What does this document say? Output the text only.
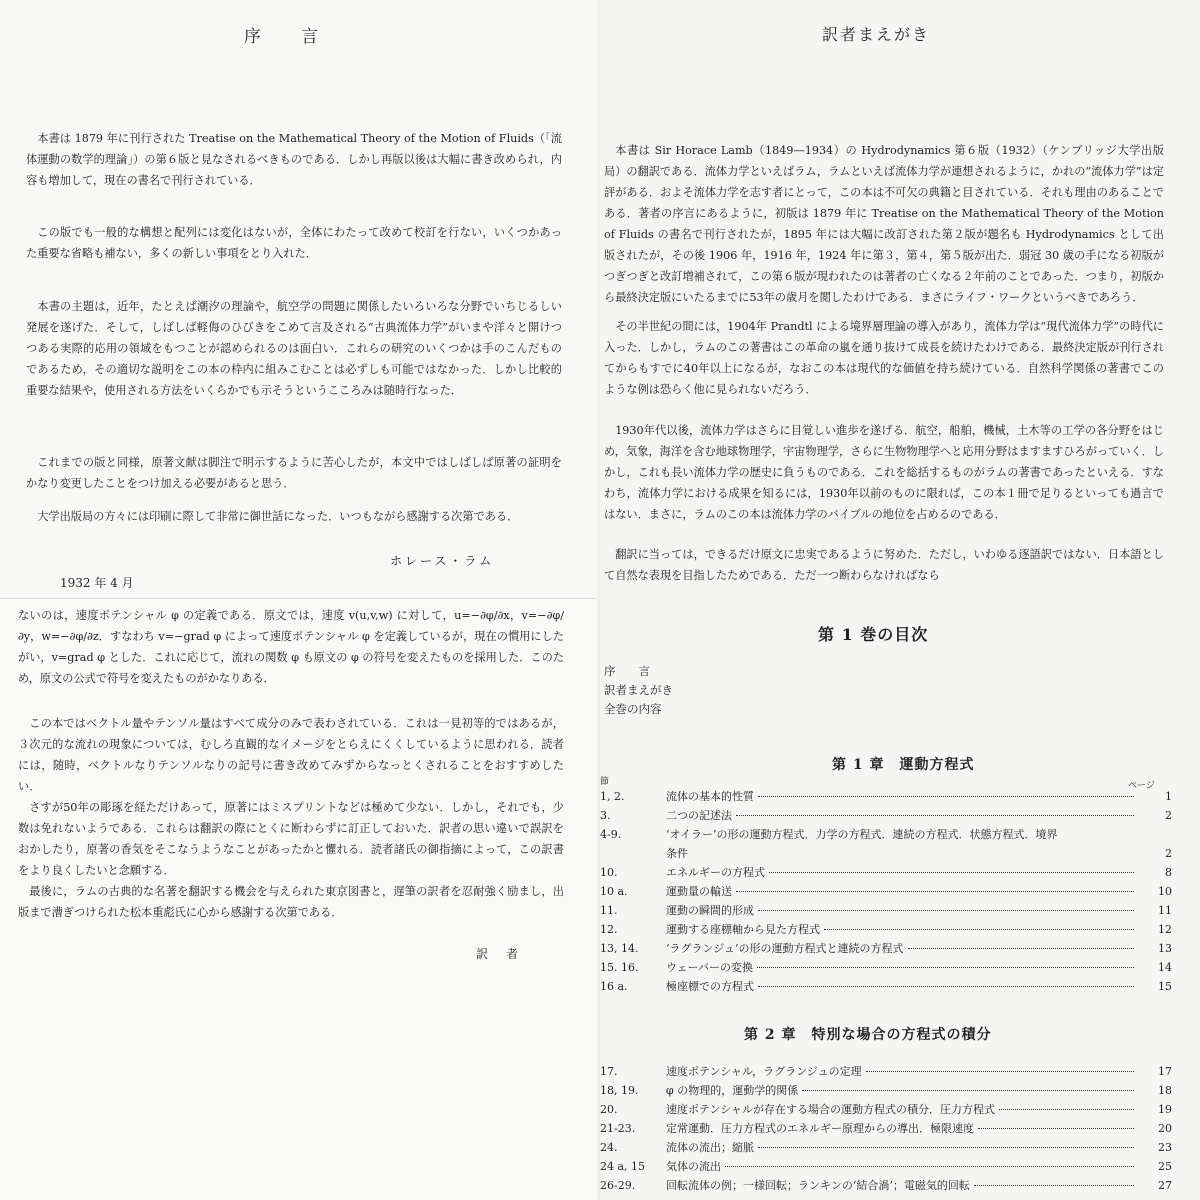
序　　言

本書は 1879 年に刊行された Treatise on the Mathematical Theory of the Motion of Fluids（「流体運動の数学的理論」）の第６版と見なされるべきものである．しかし再版以後は大幅に書き改められ，内容も増加して，現在の書名で刊行されている．

この版でも一般的な構想と配列には変化はないが，全体にわたって改めて校訂を行ない，いくつかあった重要な省略も補ない，多くの新しい事項をとり入れた．

本書の主題は，近年，たとえば潮汐の理論や，航空学の問題に関係したいろいろな分野でいちじるしい発展を遂げた．そして，しばしば軽侮のひびきをこめて言及される“古典流体力学”がいまや洋々と開けつつある実際的応用の領域をもつことが認められるのは面白い．これらの研究のいくつかは手のこんだものであるため，その適切な説明をこの本の枠内に組みこむことは必ずしも可能ではなかった．しかし比較的重要な結果や，使用される方法をいくらかでも示そうというこころみは随時行なった．

これまでの版と同様，原著文献は脚注で明示するように苦心したが，本文中ではしばしば原著の証明をかなり変更したことをつけ加える必要があると思う．

大学出版局の方々には印刷に際して非常に御世話になった．いつもながら感謝する次第である．

ホレース・ラム
1932 年 4 月

ないのは，速度ポテンシャル φ の定義である．原文では，速度 v(u,v,w) に対して，u=−∂φ/∂x，v=−∂φ/∂y，w=−∂φ/∂z．すなわち v=−grad φ によって速度ポテンシャル φ を定義しているが，現在の慣用にしたがい，v=grad φ とした．これに応じて，流れの関数 φ も原文の φ の符号を変えたものを採用した．このため，原文の公式で符号を変えたものがかなりある．

この本ではベクトル量やテンソル量はすべて成分のみで表わされている．これは一見初等的ではあるが，３次元的な流れの現象については，むしろ直観的なイメージをとらえにくくしているように思われる．読者には，随時，ベクトルなりテンソルなりの記号に書き改めてみずからなっとくされることをおすすめしたい．

さすが50年の彫琢を経ただけあって，原著にはミスプリントなどは極めて少ない．しかし，それでも，少数は免れないようである．これらは翻訳の際にとくに断わらずに訂正しておいた．訳者の思い違いで誤訳をおかしたり，原著の香気をそこなうようなことがあったかと懼れる．読者諸氏の御指摘によって，この訳書をより良くしたいと念願する．

最後に，ラムの古典的な名著を翻訳する機会を与えられた東京図書と，遅筆の訳者を忍耐強く励まし，出版まで漕ぎつけられた松本重彪氏に心から感謝する次第である．

訳　者
訳者まえがき

本書は Sir Horace Lamb（1849—1934）の Hydrodynamics 第６版（1932）（ケンブリッジ大学出版局）の翻訳である．流体力学といえばラム，ラムといえば流体力学が連想されるように，かれの“流体力学”は定評がある．およそ流体力学を志す者にとって，この本は不可欠の典籍と目されている．それも理由のあることである．著者の序言にあるように，初版は 1879 年に Treatise on the Mathematical Theory of the Motion of Fluids の書名で刊行されたが，1895 年には大幅に改訂された第２版が題名も Hydrodynamics として出版されたが，その後 1906 年，1916 年，1924 年に第３，第４，第５版が出た．弱冠 30 歳の手になる初版がつぎつぎと改訂増補されて，この第６版が現われたのは著者の亡くなる２年前のことであった．つまり，初版から最終決定版にいたるまでに53年の歳月を閲したわけである．まさにライフ・ワークというべきであろう．

その半世紀の間には，1904年 Prandtl による境界層理論の導入があり，流体力学は“現代流体力学”の時代に入った．しかし，ラムのこの著書はこの革命の嵐を通り抜けて成長を続けたわけである．最終決定版が刊行されてからもすでに40年以上になるが，なおこの本は現代的な価値を持ち続けている．自然科学関係の著書でこのような例は恐らく他に見られないだろう．

1930年代以後，流体力学はさらに目覚しい進歩を遂げる．航空，船舶，機械，土木等の工学の各分野をはじめ，気象，海洋を含む地球物理学，宇宙物理学，さらに生物物理学へと応用分野はますますひろがっていく．しかし，これも長い流体力学の歴史に負うものである．これを総括するものがラムの著書であったといえる．すなわち，流体力学における成果を知るには，1930年以前のものに限れば，この本１冊で足りるといっても過言ではない．まさに，ラムのこの本は流体力学のバイブルの地位を占めるのである．

翻訳に当っては，できるだけ原文に忠実であるように努めた．ただし，いわゆる逐語訳ではない．日本語として自然な表現を目指したためである．ただ一つ断わらなければなら

第 1 巻の目次
序　　言
訳者まえがき
全巻の内容
第 1 章　運動方程式
節	ページ
1, 2.	流体の基本的性質	1
3.	二つの記述法	2
4-9.	‘オイラー’の形の運動方程式．力学の方程式．連続の方程式．状態方程式．境界条件	2
10.	エネルギーの方程式	8
10 a.	運動量の輸送	10
11.	運動の瞬間的形成	11
12.	運動する座標軸から見た方程式	12
13, 14.	‘ラグランジュ’の形の運動方程式と連続の方程式	13
15. 16.	ウェーバーの変換	14
16 a.	極座標での方程式	15
第 2 章　特別な場合の方程式の積分
17.	速度ポテンシャル，ラグランジュの定理	17
18, 19.	φ の物理的，運動学的関係	18
20.	速度ポテンシャルが存在する場合の運動方程式の積分．圧力方程式	19
21-23.	定常運動．圧力方程式のエネルギー原理からの導出．極限速度	20
24.	流体の流出；縮脈	23
24 a, 15	気体の流出	25
26-29.	回転流体の例；一様回転；ランキンの‘結合渦’；電磁気的回転	27
